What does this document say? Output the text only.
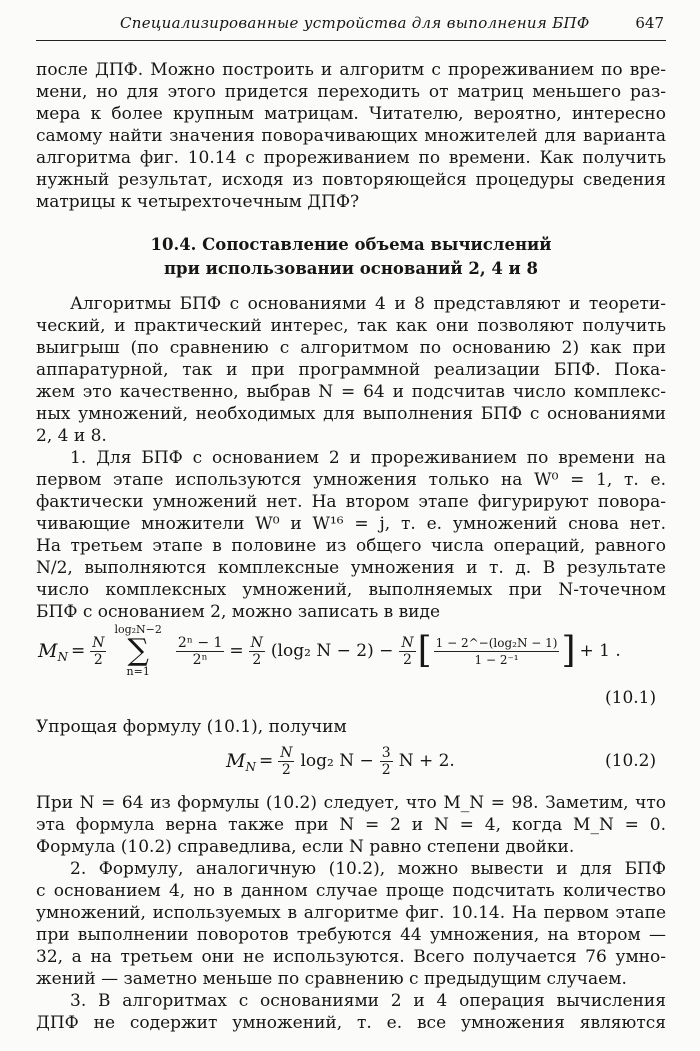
Специализированные устройства для выполнения БПФ	647

после ДПФ. Можно построить и алгоритм с прореживанием по вре-

мени, но для этого придется переходить от матриц меньшего раз-

мера к более крупным матрицам. Читателю, вероятно, интересно

самому найти значения поворачивающих множителей для варианта

алгоритма фиг. 10.14 с прореживанием по времени. Как получить

нужный результат, исходя из повторяющейся процедуры сведения

матрицы к четырехточечным ДПФ?

10.4. Сопоставление объема вычислений
при использовании оснований 2, 4 и 8

Алгоритмы БПФ с основаниями 4 и 8 представляют и теорети-

ческий, и практический интерес, так как они позволяют получить

выигрыш (по сравнению с алгоритмом по основанию 2) как при

аппаратурной, так и при программной реализации БПФ. Пока-

жем это качественно, выбрав N = 64 и подсчитав число комплекс-

ных умножений, необходимых для выполнения БПФ с основаниями

2, 4 и 8.

1. Для БПФ с основанием 2 и прореживанием по времени на

первом этапе используются умножения только на W⁰ = 1, т. е.

фактически умножений нет. На втором этапе фигурируют повора-

чивающие множители W⁰ и W¹⁶ = j, т. е. умножений снова нет.

На третьем этапе в половине из общего числа операций, равного

N/2, выполняются комплексные умножения и т. д. В результате

число комплексных умножений, выполняемых при N-точечном

БПФ с основанием 2, можно записать в виде

$M_N = \frac{N}{2}$
log₂N−2
∑
n=1
$\frac{\text{2ⁿ − 1}}{\text{2ⁿ}} = \frac{N}{2} (\log_2$ $N - 2) - \frac{N}{2}$ [ $\frac{\text{1 − 2\textasciicircum{}−(log₂N − 1)}}{\text{1 − 2⁻¹}}$ ] + 1 .
(10.1)

Упрощая формулу (10.1), получим

$M_N = \frac{N}{2} \log_2$ $N - \frac{3}{2}$ N + 2.	(10.2)

При N = 64 из формулы (10.2) следует, что M_N = 98. Заметим, что

эта формула верна также при N = 2 и N = 4, когда M_N = 0.

Формула (10.2) справедлива, если N равно степени двойки.

2. Формулу, аналогичную (10.2), можно вывести и для БПФ

с основанием 4, но в данном случае проще подсчитать количество

умножений, используемых в алгоритме фиг. 10.14. На первом этапе

при выполнении поворотов требуются 44 умножения, на втором —

32, а на третьем они не используются. Всего получается 76 умно-

жений — заметно меньше по сравнению с предыдущим случаем.

3. В алгоритмах с основаниями 2 и 4 операция вычисления

ДПФ не содержит умножений, т. е. все умножения являются
